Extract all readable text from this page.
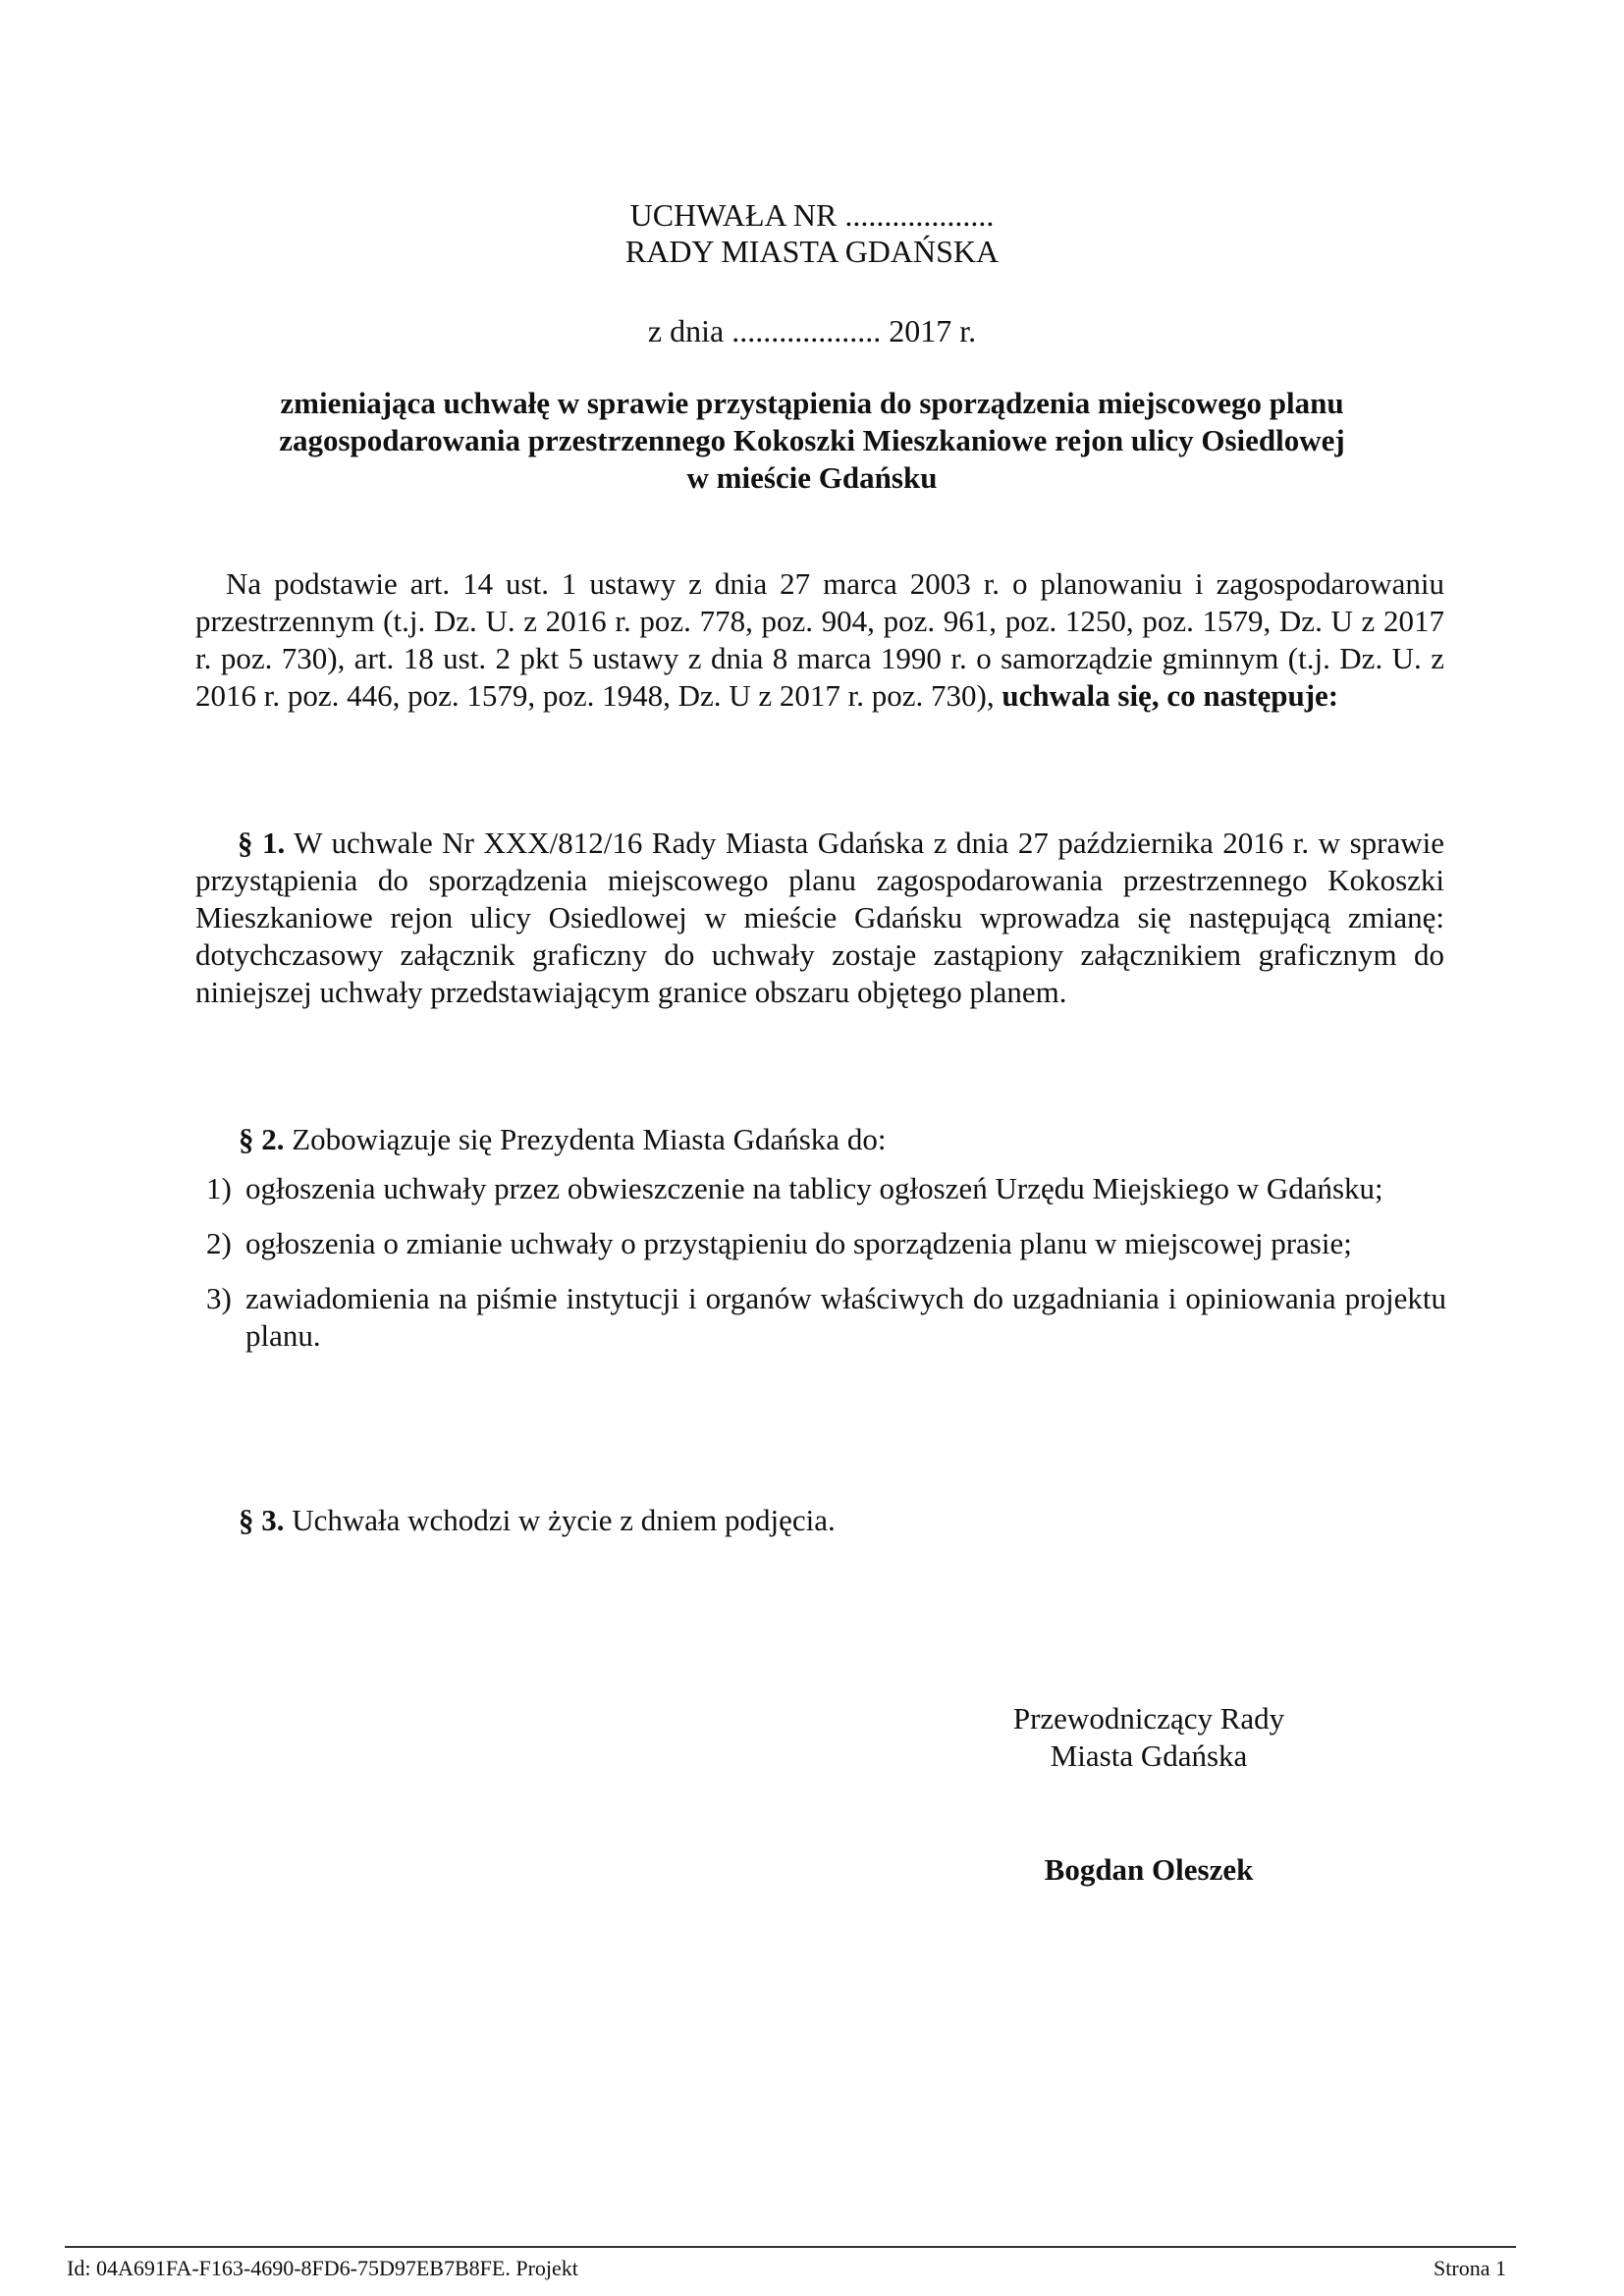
UCHWAŁA NR ...................
RADY MIASTA GDAŃSKA
z dnia ................... 2017 r.
zmieniająca uchwałę w sprawie przystąpienia do sporządzenia miejscowego planu
zagospodarowania przestrzennego Kokoszki Mieszkaniowe rejon ulicy Osiedlowej
w mieście Gdańsku
Na podstawie art. 14 ust. 1 ustawy z dnia 27 marca 2003 r. o planowaniu i zagospodarowaniu przestrzennym (t.j. Dz. U. z 2016 r. poz. 778, poz. 904, poz. 961, poz. 1250, poz. 1579, Dz. U z 2017 r. poz. 730), art. 18 ust. 2 pkt 5 ustawy z dnia 8 marca 1990 r. o samorządzie gminnym (t.j. Dz. U. z 2016 r. poz. 446, poz. 1579, poz. 1948, Dz. U z 2017 r. poz. 730), uchwala się, co następuje:
§ 1. W uchwale Nr XXX/812/16 Rady Miasta Gdańska z dnia 27 października 2016 r. w sprawie przystąpienia do sporządzenia miejscowego planu zagospodarowania przestrzennego Kokoszki Mieszkaniowe rejon ulicy Osiedlowej w mieście Gdańsku wprowadza się następującą zmianę: dotychczasowy załącznik graficzny do uchwały zostaje zastąpiony załącznikiem graficznym do niniejszej uchwały przedstawiającym granice obszaru objętego planem.
§ 2. Zobowiązuje się Prezydenta Miasta Gdańska do:
1) ogłoszenia uchwały przez obwieszczenie na tablicy ogłoszeń Urzędu Miejskiego w Gdańsku;
2) ogłoszenia o zmianie uchwały o przystąpieniu do sporządzenia planu w miejscowej prasie;
3) zawiadomienia na piśmie instytucji i organów właściwych do uzgadniania i opiniowania projektu planu.
§ 3. Uchwała wchodzi w życie z dniem podjęcia.
Przewodniczący Rady
Miasta Gdańska
Bogdan Oleszek
Id: 04A691FA-F163-4690-8FD6-75D97EB7B8FE. Projekt	Strona 1
